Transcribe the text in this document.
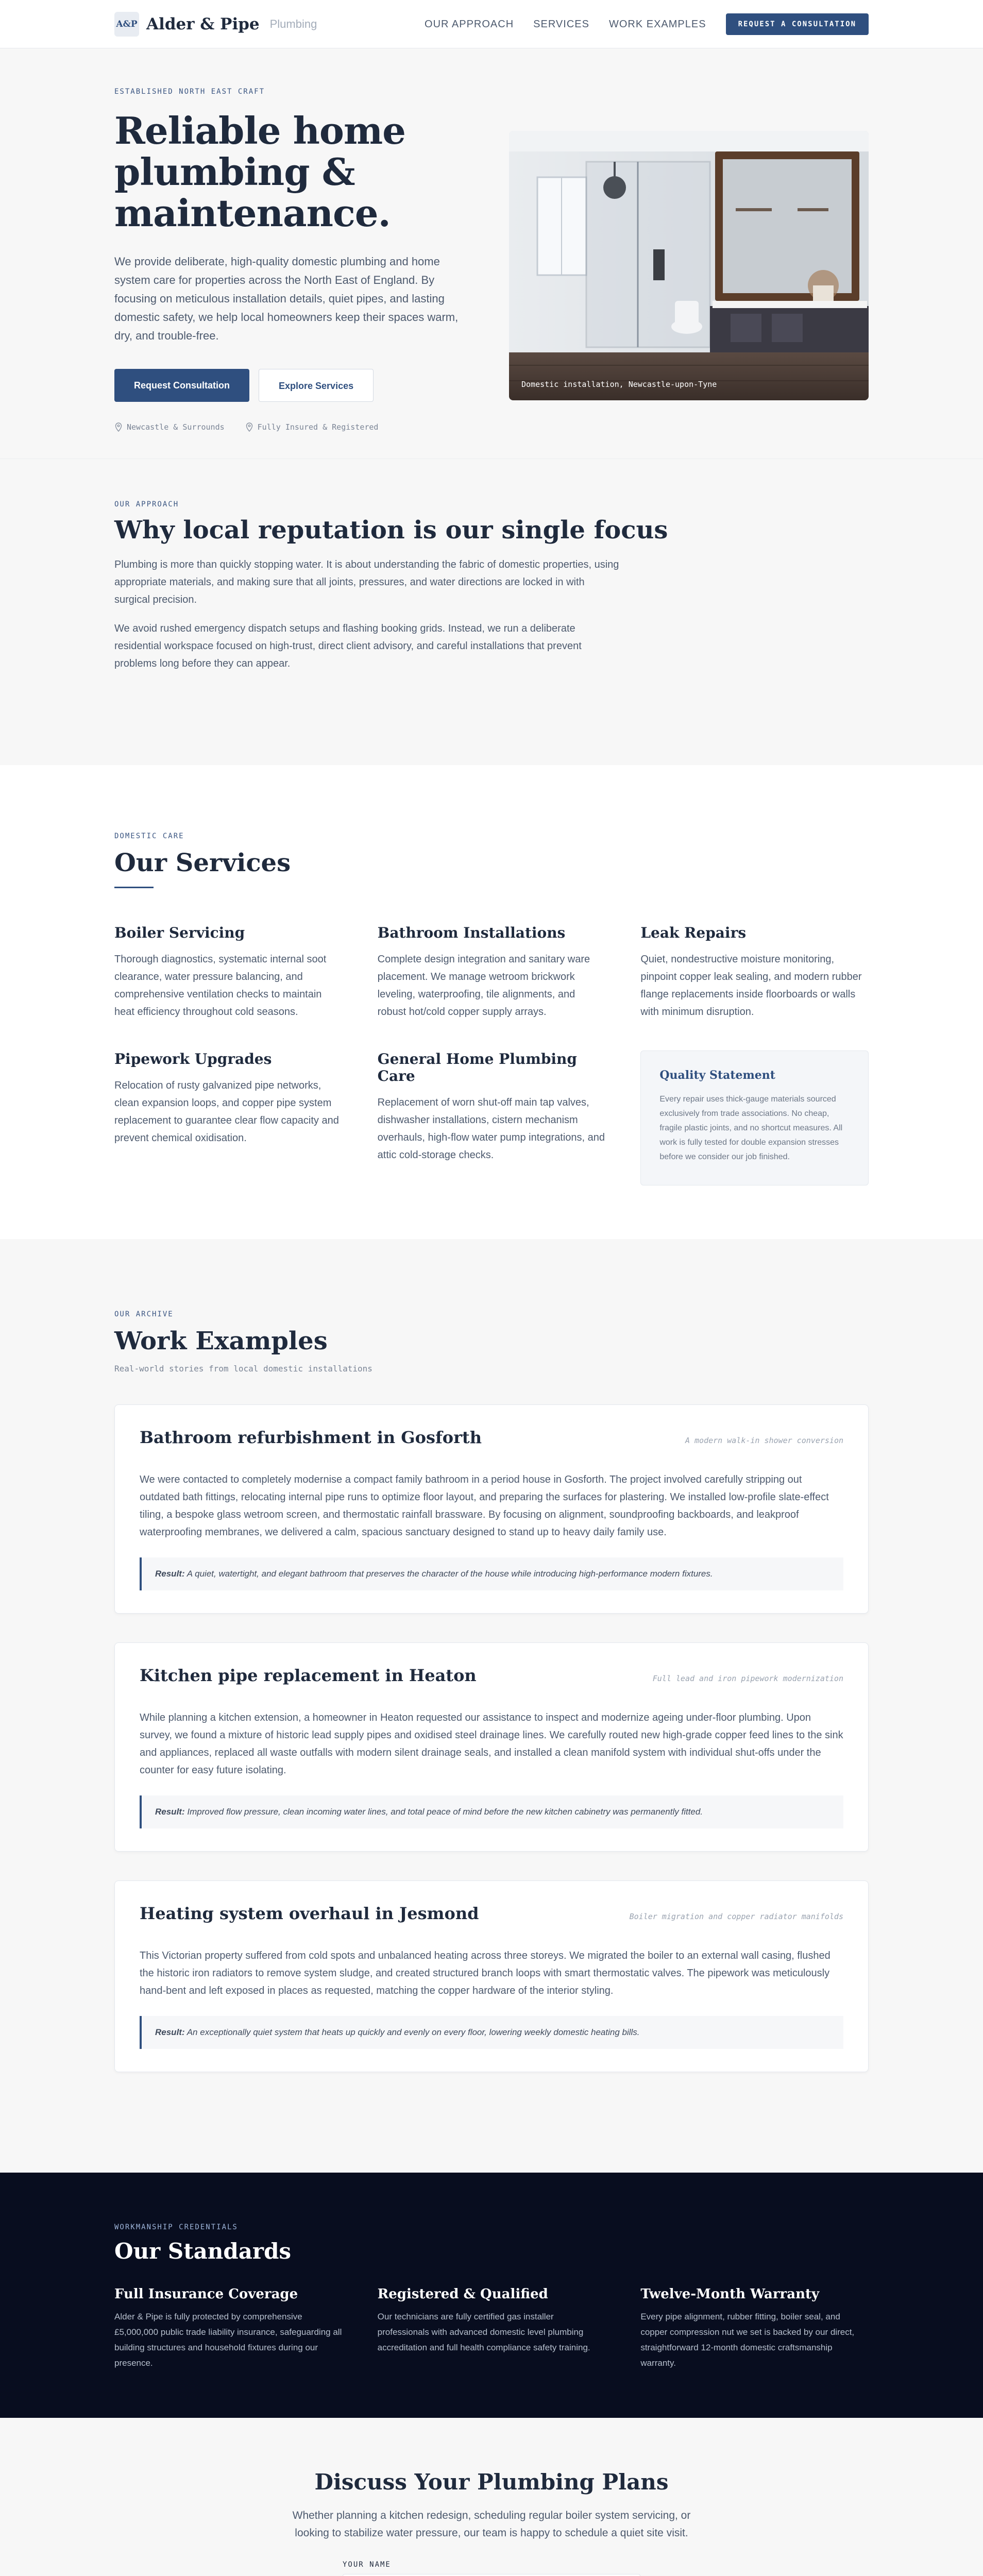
A&P Alder & Pipe Plumbing	OUR APPROACH SERVICES WORK EXAMPLES	REQUEST A CONSULTATION
ESTABLISHED NORTH EAST CRAFT
Reliable home plumbing & maintenance.

We provide deliberate, high-quality domestic plumbing and home system care for properties across the North East of England. By focusing on meticulous installation details, quiet pipes, and lasting domestic safety, we help local homeowners keep their spaces warm, dry, and trouble-free.

Request Consultation	Explore Services
Newcastle & Surrounds	Fully Insured & Registered
Domestic installation, Newcastle-upon-Tyne
OUR APPROACH
Why local reputation is our single focus

Plumbing is more than quickly stopping water. It is about understanding the fabric of domestic properties, using appropriate materials, and making sure that all joints, pressures, and water directions are locked in with surgical precision.

We avoid rushed emergency dispatch setups and flashing booking grids. Instead, we run a deliberate residential workspace focused on high-trust, direct client advisory, and careful installations that prevent problems long before they can appear.

DOMESTIC CARE
Our Services
Boiler Servicing

Thorough diagnostics, systematic internal soot clearance, water pressure balancing, and comprehensive ventilation checks to maintain heat efficiency throughout cold seasons.

Bathroom Installations

Complete design integration and sanitary ware placement. We manage wetroom brickwork leveling, waterproofing, tile alignments, and robust hot/cold copper supply arrays.

Leak Repairs

Quiet, nondestructive moisture monitoring, pinpoint copper leak sealing, and modern rubber flange replacements inside floorboards or walls with minimum disruption.

Pipework Upgrades

Relocation of rusty galvanized pipe networks, clean expansion loops, and copper pipe system replacement to guarantee clear flow capacity and prevent chemical oxidisation.

General Home Plumbing Care

Replacement of worn shut-off main tap valves, dishwasher installations, cistern mechanism overhauls, high-flow water pump integrations, and attic cold-storage checks.

Quality Statement

Every repair uses thick-gauge materials sourced exclusively from trade associations. No cheap, fragile plastic joints, and no shortcut measures. All work is fully tested for double expansion stresses before we consider our job finished.

OUR ARCHIVE
Work Examples
Real-world stories from local domestic installations
Bathroom refurbishment in Gosforth	A modern walk-in shower conversion

We were contacted to completely modernise a compact family bathroom in a period house in Gosforth. The project involved carefully stripping out outdated bath fittings, relocating internal pipe runs to optimize floor layout, and preparing the surfaces for plastering. We installed low-profile slate-effect tiling, a bespoke glass wetroom screen, and thermostatic rainfall brassware. By focusing on alignment, soundproofing backboards, and leakproof waterproofing membranes, we delivered a calm, spacious sanctuary designed to stand up to heavy daily family use.

Result: A quiet, watertight, and elegant bathroom that preserves the character of the house while introducing high-performance modern fixtures.
Kitchen pipe replacement in Heaton	Full lead and iron pipework modernization

While planning a kitchen extension, a homeowner in Heaton requested our assistance to inspect and modernize ageing under-floor plumbing. Upon survey, we found a mixture of historic lead supply pipes and oxidised steel drainage lines. We carefully routed new high-grade copper feed lines to the sink and appliances, replaced all waste outfalls with modern silent drainage seals, and installed a clean manifold system with individual shut-offs under the counter for easy future isolating.

Result: Improved flow pressure, clean incoming water lines, and total peace of mind before the new kitchen cabinetry was permanently fitted.
Heating system overhaul in Jesmond	Boiler migration and copper radiator manifolds

This Victorian property suffered from cold spots and unbalanced heating across three storeys. We migrated the boiler to an external wall casing, flushed the historic iron radiators to remove system sludge, and created structured branch loops with smart thermostatic valves. The pipework was meticulously hand-bent and left exposed in places as requested, matching the copper hardware of the interior styling.

Result: An exceptionally quiet system that heats up quickly and evenly on every floor, lowering weekly domestic heating bills.
WORKMANSHIP CREDENTIALS
Our Standards
Full Insurance Coverage

Alder & Pipe is fully protected by comprehensive £5,000,000 public trade liability insurance, safeguarding all building structures and household fixtures during our presence.

Registered & Qualified

Our technicians are fully certified gas installer professionals with advanced domestic level plumbing accreditation and full health compliance safety training.

Twelve-Month Warranty

Every pipe alignment, rubber fitting, boiler seal, and copper compression nut we set is backed by our direct, straightforward 12-month domestic craftsmanship warranty.

Discuss Your Plumbing Plans

Whether planning a kitchen redesign, scheduling regular boiler system servicing, or looking to stabilize water pressure, our team is happy to schedule a quiet site visit.

YOUR NAME
William Armstrong
